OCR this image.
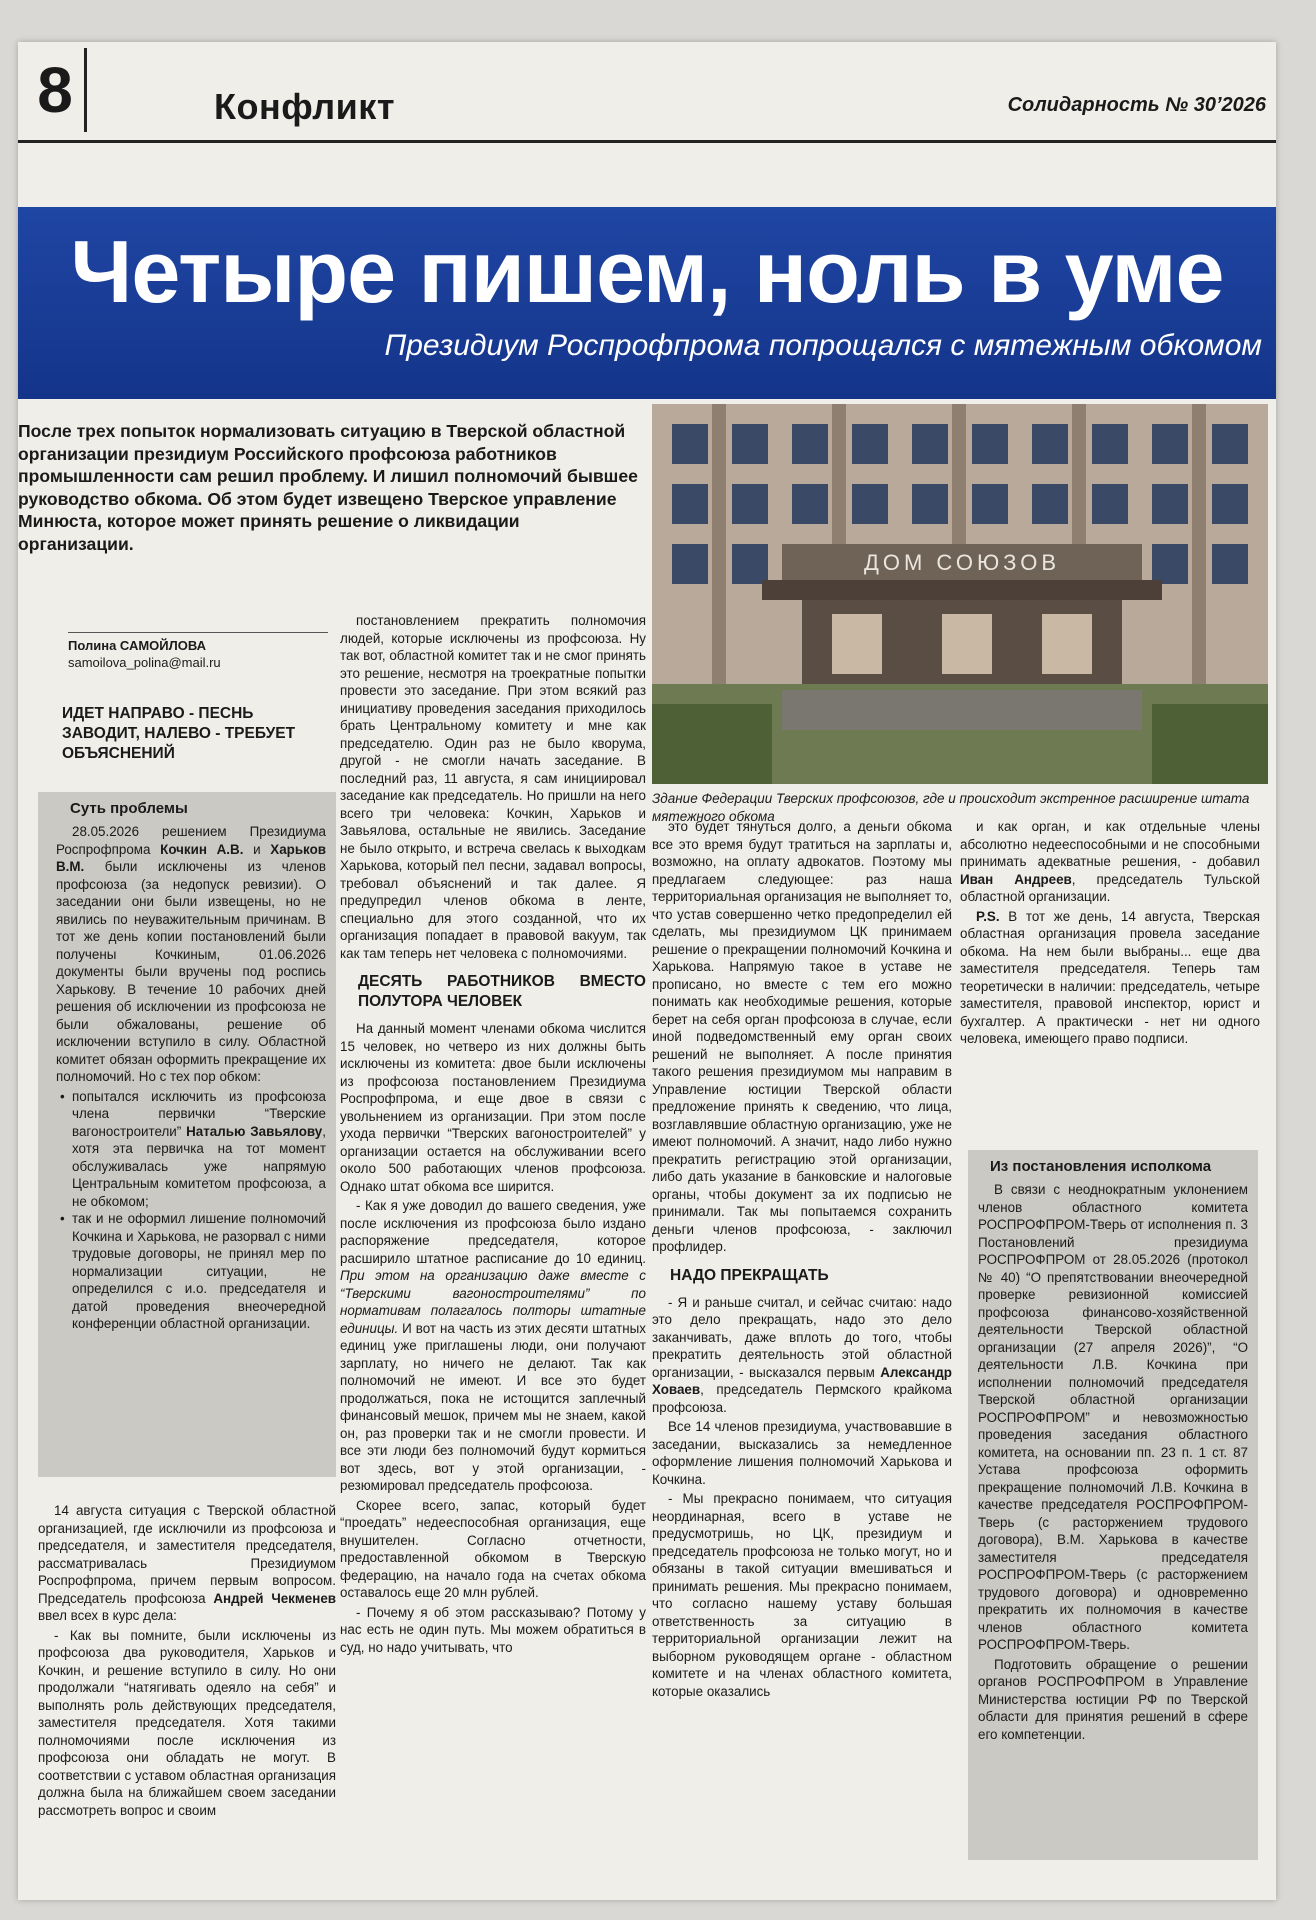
8	Конфликт	Солидарность № 30’2026
Четыре пишем, ноль в уме
Президиум Роспрофпрома попрощался с мятежным обкомом
После трех попыток нормализовать ситуацию в Тверской областной организации президиум Российского профсоюза работников промышленности сам решил проблему. И лишил полномочий бывшее руководство обкома. Об этом будет извещено Тверское управление Минюста, которое может принять решение о ликвидации организации.
ДОМ СОЮЗОВ
Здание Федерации Тверских профсоюзов, где и происходит экстренное расширение штата мятежного обкома
Полина САМОЙЛОВА
samoilova_polina@mail.ru
ИДЕТ НАПРАВО - ПЕСНЬ ЗАВОДИТ, НАЛЕВО - ТРЕБУЕТ ОБЪЯСНЕНИЙ
Суть проблемы

28.05.2026 решением Президиума Роспрофпрома Кочкин А.В. и Харьков В.М. были исключены из членов профсоюза (за недопуск ревизии). О заседании они были извещены, но не явились по неуважительным причинам. В тот же день копии постановлений были получены Кочкиным, 01.06.2026 документы были вручены под роспись Харькову. В течение 10 рабочих дней решения об исключении из профсоюза не были обжалованы, решение об исключении вступило в силу. Областной комитет обязан оформить прекращение их полномочий. Но с тех пор обком:

• попытался исключить из профсоюза члена первички “Тверские вагоностроители” Наталью Завьялову, хотя эта первичка на тот момент обслуживалась уже напрямую Центральным комитетом профсоюза, а не обкомом;
• так и не оформил лишение полномочий Кочкина и Харькова, не разорвал с ними трудовые договоры, не принял мер по нормализации ситуации, не определился с и.о. председателя и датой проведения внеочередной конференции областной организации.

14 августа ситуация с Тверской областной организацией, где исключили из профсоюза и председателя, и заместителя председателя, рассматривалась Президиумом Роспрофпрома, причем первым вопросом. Председатель профсоюза Андрей Чекменев ввел всех в курс дела:

- Как вы помните, были исключены из профсоюза два руководителя, Харьков и Кочкин, и решение вступило в силу. Но они продолжали “натягивать одеяло на себя” и выполнять роль действующих председателя, заместителя председателя. Хотя такими полномочиями после исключения из профсоюза они обладать не могут. В соответствии с уставом областная организация должна была на ближайшем своем заседании рассмотреть вопрос и своим

постановлением прекратить полномочия людей, которые исключены из профсоюза. Ну так вот, областной комитет так и не смог принять это решение, несмотря на троекратные попытки провести это заседание. При этом всякий раз инициативу проведения заседания приходилось брать Центральному комитету и мне как председателю. Один раз не было кворума, другой - не смогли начать заседание. В последний раз, 11 августа, я сам инициировал заседание как председатель. Но пришли на него всего три человека: Кочкин, Харьков и Завьялова, остальные не явились. Заседание не было открыто, и встреча свелась к выходкам Харькова, который пел песни, задавал вопросы, требовал объяснений и так далее. Я предупредил членов обкома в ленте, специально для этого созданной, что их организация попадает в правовой вакуум, так как там теперь нет человека с полномочиями.

ДЕСЯТЬ РАБОТНИКОВ ВМЕСТО ПОЛУТОРА ЧЕЛОВЕК

На данный момент членами обкома числится 15 человек, но четверо из них должны быть исключены из комитета: двое были исключены из профсоюза постановлением Президиума Роспрофпрома, и еще двое в связи с увольнением из организации. При этом после ухода первички “Тверских вагоностроителей” у организации остается на обслуживании всего около 500 работающих членов профсоюза. Однако штат обкома все ширится.

- Как я уже доводил до вашего сведения, уже после исключения из профсоюза было издано распоряжение председателя, которое расширило штатное расписание до 10 единиц. При этом на организацию даже вместе с “Тверскими вагоностроителями” по нормативам полагалось полторы штатные единицы. И вот на часть из этих десяти штатных единиц уже приглашены люди, они получают зарплату, но ничего не делают. Так как полномочий не имеют. И все это будет продолжаться, пока не истощится заплечный финансовый мешок, причем мы не знаем, какой он, раз проверки так и не смогли провести. И все эти люди без полномочий будут кормиться вот здесь, вот у этой организации, - резюмировал председатель профсоюза.

Скорее всего, запас, который будет “проедать” недееспособная организация, еще внушителен. Согласно отчетности, предоставленной обкомом в Тверскую федерацию, на начало года на счетах обкома оставалось еще 20 млн рублей.

- Почему я об этом рассказываю? Потому у нас есть не один путь. Мы можем обратиться в суд, но надо учитывать, что

это будет тянуться долго, а деньги обкома все это время будут тратиться на зарплаты и, возможно, на оплату адвокатов. Поэтому мы предлагаем следующее: раз наша территориальная организация не выполняет то, что устав совершенно четко предопределил ей сделать, мы президиумом ЦК принимаем решение о прекращении полномочий Кочкина и Харькова. Напрямую такое в уставе не прописано, но вместе с тем его можно понимать как необходимые решения, которые берет на себя орган профсоюза в случае, если иной подведомственный ему орган своих решений не выполняет. А после принятия такого решения президиумом мы направим в Управление юстиции Тверской области предложение принять к сведению, что лица, возглавлявшие областную организацию, уже не имеют полномочий. А значит, надо либо нужно прекратить регистрацию этой организации, либо дать указание в банковские и налоговые органы, чтобы документ за их подписью не принимали. Так мы попытаемся сохранить деньги членов профсоюза, - заключил профлидер.

НАДО ПРЕКРАЩАТЬ

- Я и раньше считал, и сейчас считаю: надо это дело прекращать, надо это дело заканчивать, даже вплоть до того, чтобы прекратить деятельность этой областной организации, - высказался первым Александр Ховаев, председатель Пермского крайкома профсоюза.

Все 14 членов президиума, участвовавшие в заседании, высказались за немедленное оформление лишения полномочий Харькова и Кочкина.

- Мы прекрасно понимаем, что ситуация неординарная, всего в уставе не предусмотришь, но ЦК, президиум и председатель профсоюза не только могут, но и обязаны в такой ситуации вмешиваться и принимать решения. Мы прекрасно понимаем, что согласно нашему уставу большая ответственность за ситуацию в территориальной организации лежит на выборном руководящем органе - областном комитете и на членах областного комитета, которые оказались

и как орган, и как отдельные члены абсолютно недееспособными и не способными принимать адекватные решения, - добавил Иван Андреев, председатель Тульской областной организации.

P.S. В тот же день, 14 августа, Тверская областная организация провела заседание обкома. На нем были выбраны... еще два заместителя председателя. Теперь там теоретически в наличии: председатель, четыре заместителя, правовой инспектор, юрист и бухгалтер. А практически - нет ни одного человека, имеющего право подписи.

Из постановления исполкома

В связи с неоднократным уклонением членов областного комитета РОСПРОФПРОМ-Тверь от исполнения п. 3 Постановлений президиума РОСПРОФПРОМ от 28.05.2026 (протокол № 40) “О препятствовании внеочередной проверке ревизионной комиссией профсоюза финансово-хозяйственной деятельности Тверской областной организации (27 апреля 2026)”, “О деятельности Л.В. Кочкина при исполнении полномочий председателя Тверской областной организации РОСПРОФПРОМ” и невозможностью проведения заседания областного комитета, на основании пп. 23 п. 1 ст. 87 Устава профсоюза оформить прекращение полномочий Л.В. Кочкина в качестве председателя РОСПРОФПРОМ-Тверь (с расторжением трудового договора), В.М. Харькова в качестве заместителя председателя РОСПРОФПРОМ-Тверь (с расторжением трудового договора) и одновременно прекратить их полномочия в качестве членов областного комитета РОСПРОФПРОМ-Тверь.

Подготовить обращение о решении органов РОСПРОФПРОМ в Управление Министерства юстиции РФ по Тверской области для принятия решений в сфере его компетенции.
